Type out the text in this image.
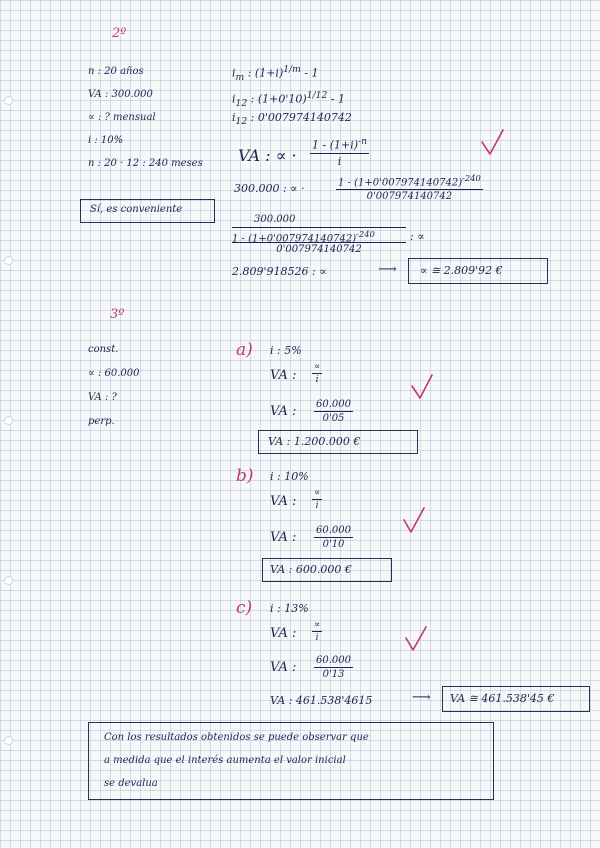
2º
n : 20 años
VA : 300.000
∝ : ? mensual
i : 10%
n : 20 · 12 : 240 meses
Sí, es conveniente
$i_m$ : $(1+i)^{1/m} - 1$
$i_{12}$ : $(1+0'10)^{1/12} - 1$
$i_{12}$ : 0'007974140742
VA : ∝ · $\frac{1 - (1+i)^{-n}}{i}$
300.000 : ∝ ·	$\frac{1 - (1+0'007974140742)^{-240}}{0'007974140742}$
300.000
$1 - (1+0'007974140742)^{-240}$
0'007974140742
: ∝
2.809'918526 : ∝	⟶ ∝ ≅ 2.809'92 €
3º
const.
∝ : 60.000
VA : ?
perp.
a) i : 5%
VA :
∝
i
VA : $\frac{60.000}{0'05}$
VA : 1.200.000 €
b) i : 10%
VA :
∝
i
VA : $\frac{60.000}{0'10}$
VA : 600.000 €
c) i : 13%
VA :
∝
i
VA : $\frac{60.000}{0'13}$
VA : 461.538'4615	⟶ VA ≅ 461.538'45 €
Con los resultados obtenidos se puede observar que
a medida que el interés aumenta el valor inicial
se devalua
